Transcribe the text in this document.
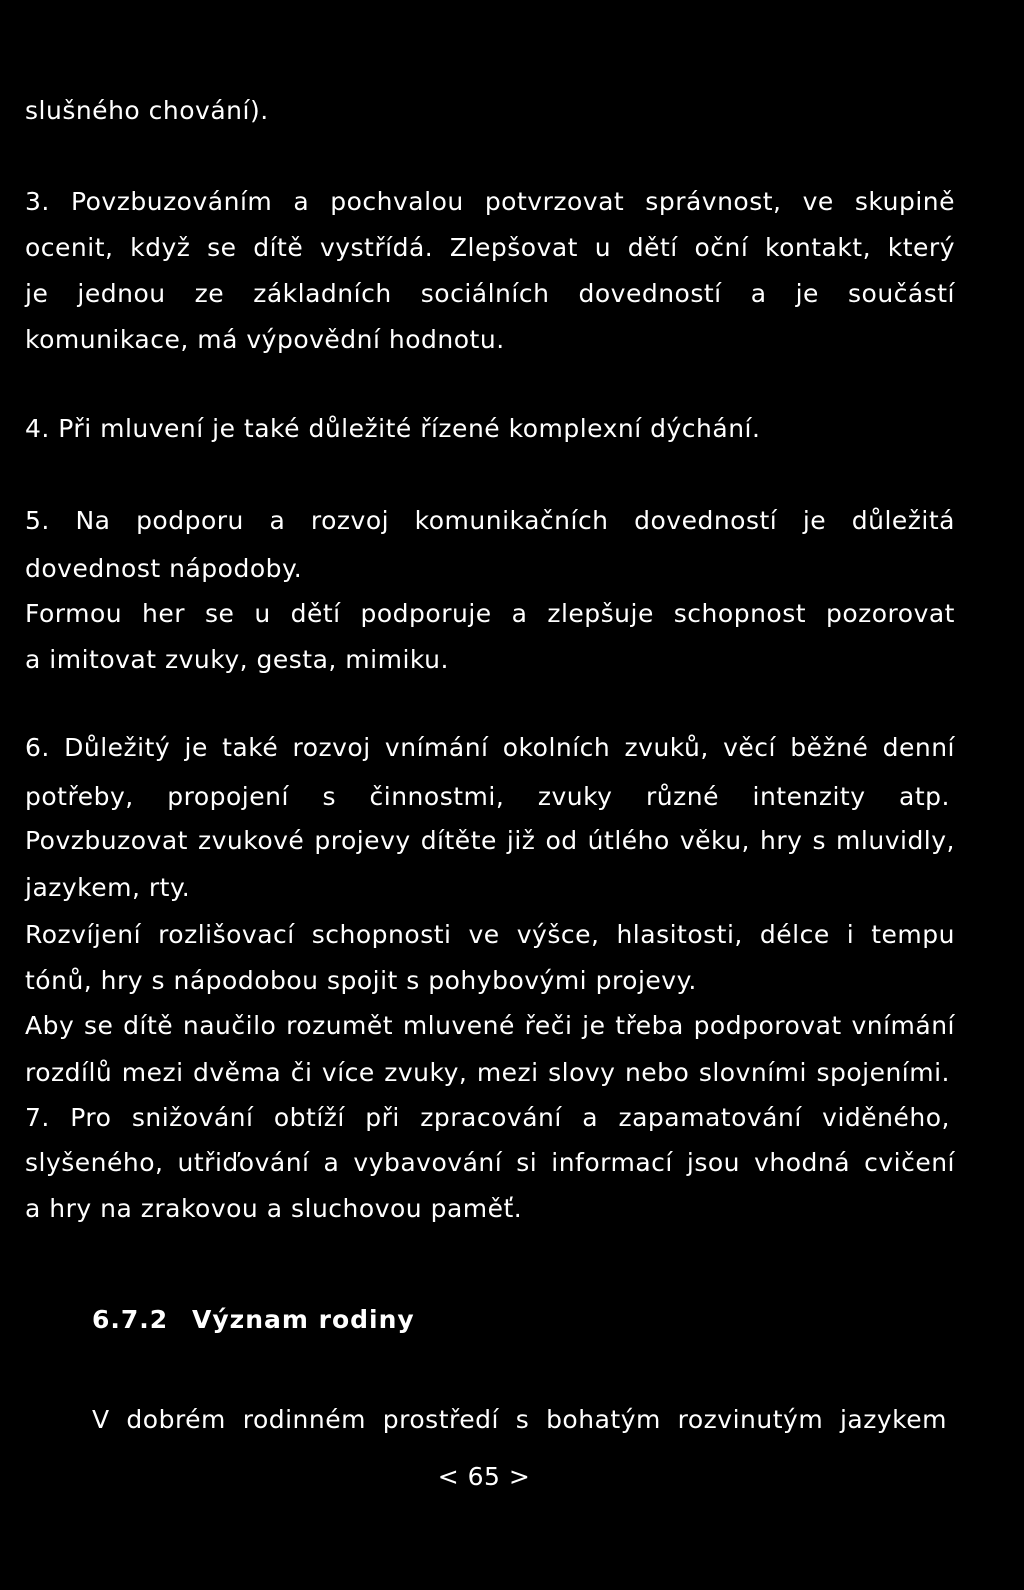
slušného chování).
3. Povzbuzováním a pochvalou potvrzovat správnost, ve skupině
ocenit, když se dítě vystřídá. Zlepšovat u dětí oční kontakt, který
je jednou ze základních sociálních dovedností a je součástí
komunikace, má výpovědní hodnotu.
4. Při mluvení je také důležité řízené komplexní dýchání.
5. Na podporu a rozvoj komunikačních dovedností je důležitá
dovednost nápodoby.
Formou her se u dětí podporuje a zlepšuje schopnost pozorovat
a imitovat zvuky, gesta, mimiku.
6. Důležitý je také rozvoj vnímání okolních zvuků, věcí běžné denní
potřeby, propojení s činnostmi, zvuky různé intenzity atp.
Povzbuzovat zvukové projevy dítěte již od útlého věku, hry s mluvidly,
jazykem, rty.
Rozvíjení rozlišovací schopnosti ve výšce, hlasitosti, délce i tempu
tónů, hry s nápodobou spojit s pohybovými projevy.
Aby se dítě naučilo rozumět mluvené řeči je třeba podporovat vnímání
rozdílů mezi dvěma či více zvuky, mezi slovy nebo slovními spojeními.
7. Pro snižování obtíží při zpracování a zapamatování viděného,
slyšeného, utřiďování a vybavování si informací jsou vhodná cvičení
a hry na zrakovou a sluchovou paměť.
6.7.2 Význam rodiny
V dobrém rodinném prostředí s bohatým rozvinutým jazykem
< 65 >
